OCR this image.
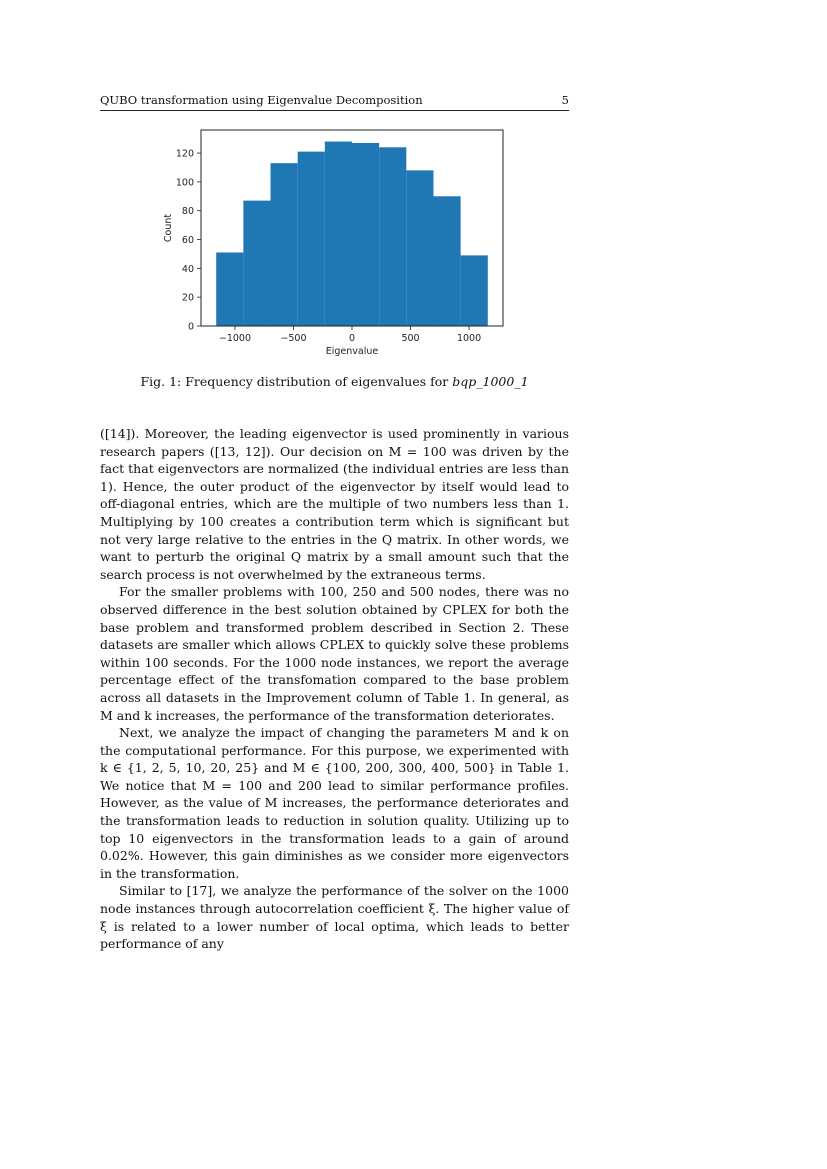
QUBO transformation using Eigenvalue Decomposition	5
−1000	−500	0	500	1000
0
20
40
60
80
100
120
Eigenvalue
Count
Fig. 1: Frequency distribution of eigenvalues for bqp_1000_1

([14]). Moreover, the leading eigenvector is used prominently in various research papers ([13, 12]). Our decision on M = 100 was driven by the fact that eigenvectors are normalized (the individual entries are less than 1). Hence, the outer product of the eigenvector by itself would lead to off-diagonal entries, which are the multiple of two numbers less than 1. Multiplying by 100 creates a contribution term which is significant but not very large relative to the entries in the Q matrix. In other words, we want to perturb the original Q matrix by a small amount such that the search process is not overwhelmed by the extraneous terms.

For the smaller problems with 100, 250 and 500 nodes, there was no observed difference in the best solution obtained by CPLEX for both the base problem and transformed problem described in Section 2. These datasets are smaller which allows CPLEX to quickly solve these problems within 100 seconds. For the 1000 node instances, we report the average percentage effect of the transfomation compared to the base problem across all datasets in the Improvement column of Table 1. In general, as M and k increases, the performance of the transformation deteriorates.

Next, we analyze the impact of changing the parameters M and k on the computational performance. For this purpose, we experimented with k ∈ {1, 2, 5, 10, 20, 25} and M ∈ {100, 200, 300, 400, 500} in Table 1. We notice that M = 100 and 200 lead to similar performance profiles. However, as the value of M increases, the performance deteriorates and the transformation leads to reduction in solution quality. Utilizing up to top 10 eigenvectors in the transformation leads to a gain of around 0.02%. However, this gain diminishes as we consider more eigenvectors in the transformation.

Similar to [17], we analyze the performance of the solver on the 1000 node instances through autocorrelation coefficient ξ. The higher value of ξ is related to a lower number of local optima, which leads to better performance of any
